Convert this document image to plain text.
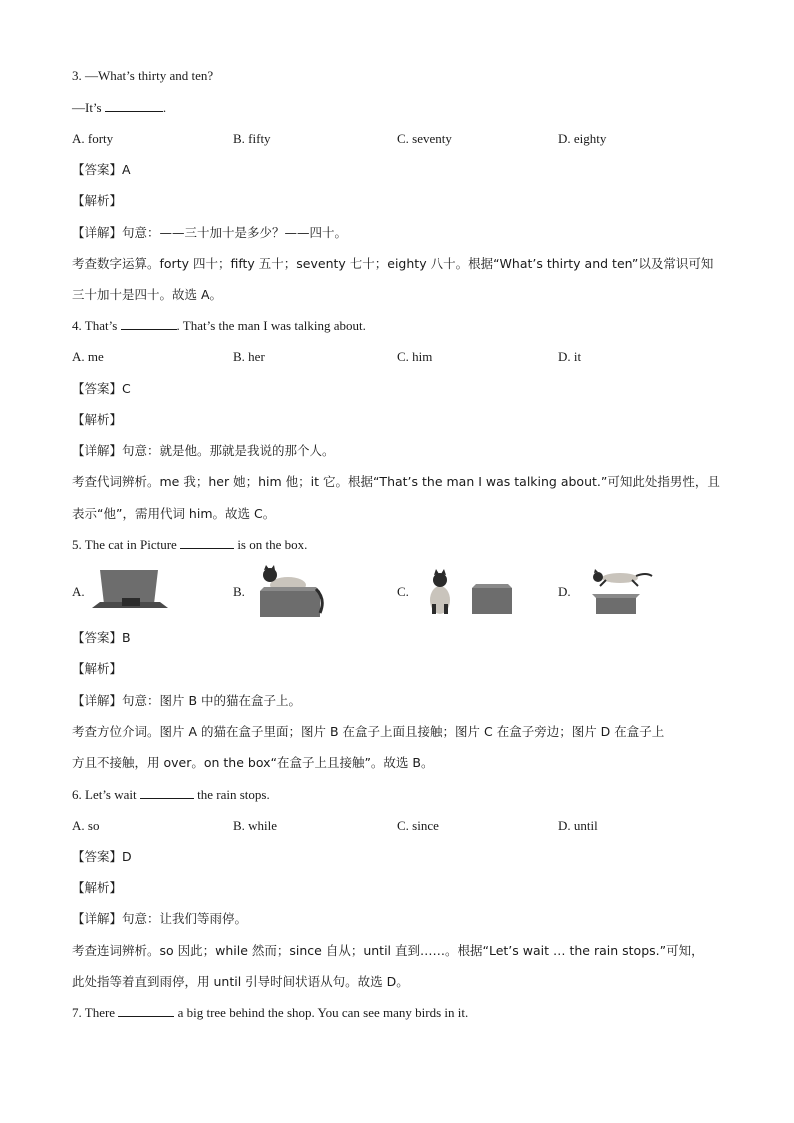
3. —What’s thirty and ten?
—It’s	.
A. forty	B. fifty	C. seventy	D. eighty
【答案】A
【解析】
【详解】句意：——三十加十是多少？——四十。
考查数字运算。forty 四十；fifty 五十；seventy 七十；eighty 八十。根据“What’s thirty and ten”以及常识可知
三十加十是四十。故选 A。
4. That’s	. That’s the man I was talking about.
A. me	B. her	C. him	D. it
【答案】C
【解析】
【详解】句意：就是他。那就是我说的那个人。
考查代词辨析。me 我；her 她；him 他；it 它。根据“That’s the man I was talking about.”可知此处指男性，且
表示“他”，需用代词 him。故选 C。
5. The cat in Picture	is on the box.
A.	B.	C.	D.
【答案】B
【解析】
【详解】句意：图片 B 中的猫在盒子上。
考查方位介词。图片 A 的猫在盒子里面；图片 B 在盒子上面且接触；图片 C 在盒子旁边；图片 D 在盒子上
方且不接触，用 over。on the box“在盒子上且接触”。故选 B。
6. Let’s wait	the rain stops.
A. so	B. while	C. since	D. until
【答案】D
【解析】
【详解】句意：让我们等雨停。
考查连词辨析。so 因此；while 然而；since 自从；until 直到……。根据“Let’s wait … the rain stops.”可知，
此处指等着直到雨停，用 until 引导时间状语从句。故选 D。
7. There	a big tree behind the shop. You can see many birds in it.
